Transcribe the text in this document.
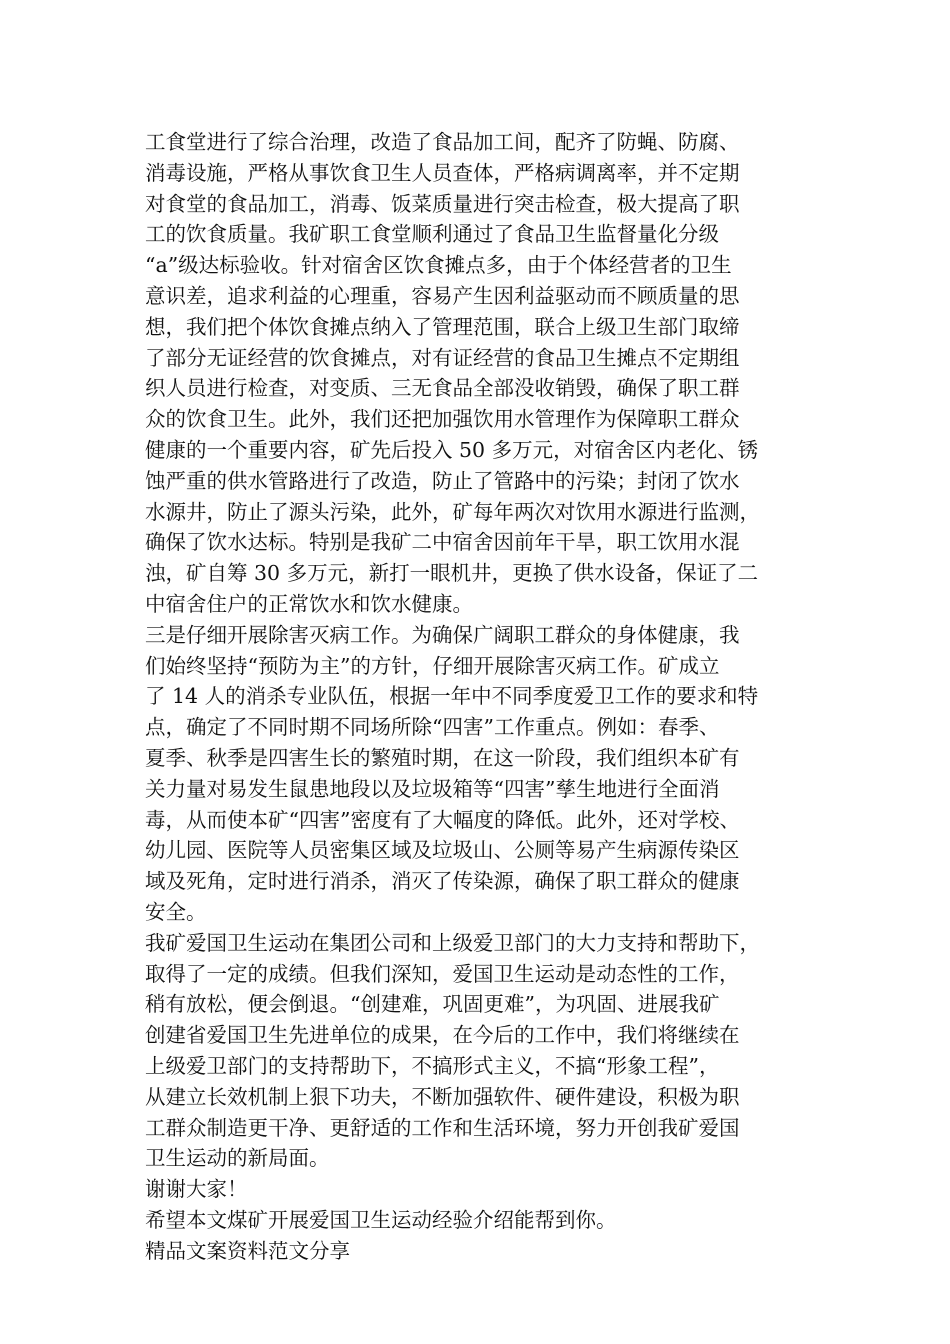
工食堂进行了综合治理，改造了食品加工间，配齐了防蝇、防腐、
消毒设施，严格从事饮食卫生人员查体，严格病调离率，并不定期
对食堂的食品加工，消毒、饭菜质量进行突击检查，极大提高了职
工的饮食质量。我矿职工食堂顺利通过了食品卫生监督量化分级
“a”级达标验收。针对宿舍区饮食摊点多，由于个体经营者的卫生
意识差，追求利益的心理重，容易产生因利益驱动而不顾质量的思
想，我们把个体饮食摊点纳入了管理范围，联合上级卫生部门取缔
了部分无证经营的饮食摊点，对有证经营的食品卫生摊点不定期组
织人员进行检查，对变质、三无食品全部没收销毁，确保了职工群
众的饮食卫生。此外，我们还把加强饮用水管理作为保障职工群众
健康的一个重要内容，矿先后投入 50 多万元，对宿舍区内老化、锈
蚀严重的供水管路进行了改造，防止了管路中的污染；封闭了饮水
水源井，防止了源头污染，此外，矿每年两次对饮用水源进行监测，
确保了饮水达标。特别是我矿二中宿舍因前年干旱，职工饮用水混
浊，矿自筹 30 多万元，新打一眼机井，更换了供水设备，保证了二
中宿舍住户的正常饮水和饮水健康。
三是仔细开展除害灭病工作。为确保广阔职工群众的身体健康，我
们始终坚持“预防为主”的方针，仔细开展除害灭病工作。矿成立
了 14 人的消杀专业队伍，根据一年中不同季度爱卫工作的要求和特
点，确定了不同时期不同场所除“四害”工作重点。例如：春季、
夏季、秋季是四害生长的繁殖时期，在这一阶段，我们组织本矿有
关力量对易发生鼠患地段以及垃圾箱等“四害”孳生地进行全面消
毒，从而使本矿“四害”密度有了大幅度的降低。此外，还对学校、
幼儿园、医院等人员密集区域及垃圾山、公厕等易产生病源传染区
域及死角，定时进行消杀，消灭了传染源，确保了职工群众的健康
安全。
我矿爱国卫生运动在集团公司和上级爱卫部门的大力支持和帮助下，
取得了一定的成绩。但我们深知，爱国卫生运动是动态性的工作，
稍有放松，便会倒退。“创建难，巩固更难”，为巩固、进展我矿
创建省爱国卫生先进单位的成果，在今后的工作中，我们将继续在
上级爱卫部门的支持帮助下，不搞形式主义，不搞“形象工程”，
从建立长效机制上狠下功夫，不断加强软件、硬件建设，积极为职
工群众制造更干净、更舒适的工作和生活环境，努力开创我矿爱国
卫生运动的新局面。
谢谢大家！
希望本文煤矿开展爱国卫生运动经验介绍能帮到你。
精品文案资料范文分享
